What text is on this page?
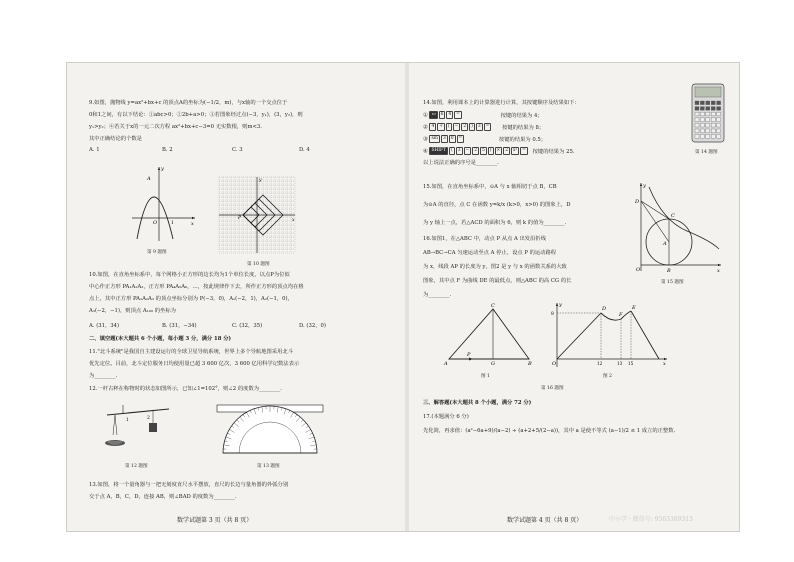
9.如图，抛物线 y=ax²+bx+c 的顶点A的坐标为(−1/2，m)，与x轴的一个交点位于
0和1之间，有以下结论：①abc>0；②2b+a>0；③若图象经过点(−3，y₁)，(3，y₂)，则
y₁>y₂；④若关于x的一元二次方程 ax²+bx+c−3=0 无实数根，则m<3.
其中正确结论的个数是
A. 1	B. 2	C. 3	D. 4
A
O	x
y
1
第 9 题图
P	x
y
第 10 题图
10.如图，在直角坐标系中，每个网格小正方形的边长均为1个单位长度，以点P为位似
中心作正方形 PA₁A₂A₃，正方形 PA₄A₅A₆，…，按此规律作下去，所作正方形的顶点均在格
点上，其中正方形 PA₁A₂A₃ 的顶点坐标分别为 P(−3，0)，A₁(−2，1)，A₂(−1，0)，
A₃(−2，−1)，则顶点 A₁₀₀ 的坐标为
A. (31，34)	B. (31，−34)	C. (32，35)	D. (32，0)
二、填空题(本大题共 6 个小题，每小题 3 分，满分 18 分)
11."北斗系统"是我国自主建设运行的全球卫星导航系统，世界上多个导航地图采用北斗
优先定位。目前，北斗定位服务日均使用量已超 3 600 亿次，3 600 亿用科学记数法表示
为________.
12.一杆古秤在称物时的状态如图所示，已知∠1=102°，则∠2 的度数为________.
1	2
第 12 题图	第 13 题图
13.如图，将一个量角器与一把无刻度直尺水平摆放，直尺的长边与量角器的外弧分别
交于点 A，B，C，D，连接 AB，则∠BAD 的度数为________.
数学试题第 3 页（共 8 页）
14.如图，利用课本上的计算器进行计算，其按键顺序及结果如下：
① ▭ 6 4 =	按键的结果为 4；
② 4 + ( − 2 ) 3 = 按键的结果为 8；
③ sin 3 0 =	按键的结果为 0.5；
④ SHIFT ( 3 − 2 5 ) × 2 x² = 按键的结果为 25.
以上说法正确的序号是________.
第 14 题图
15.如图，在直角坐标系中，⊙A 与 x 轴相切于点 B，CB
为⊙A 的直径，点 C 在函数 y=k/x (k>0，x>0) 的图象上，D
为 y 轴上一点，若△ACD 的面积为 6，则 k 的值为________.
16.如图1，在△ABC 中，动点 P 从点 A 出发沿折线
AB→BC→CA 匀速运动至点 A 停止，设点 P 的运动路程
为 x，线段 AP 的长度为 y，图2 是 y 与 x 的函数关系的大致
图象，其中点 F 为曲线 DE 的最低点，则△ABC 的高 CG 的长
为________.
y
D
C
A
O	B	x
第 15 题图
C
A
P
G	B
图 1
y
8
D
F
E
O	12	13 15	x
图 2
第 16 题图
三、解答题(本大题共 8 个小题，满分 72 分)
17.(本题满分 6 分)
先化简，再求值：(a²−6a+9)/(a−2) ÷ (a+2+5/(2−a))，其中 a 是使不等式 (a−1)/2 ≤ 1 成立的正整数.
中小学 · 微信号: 9563389313
数学试题第 4 页（共 8 页）
